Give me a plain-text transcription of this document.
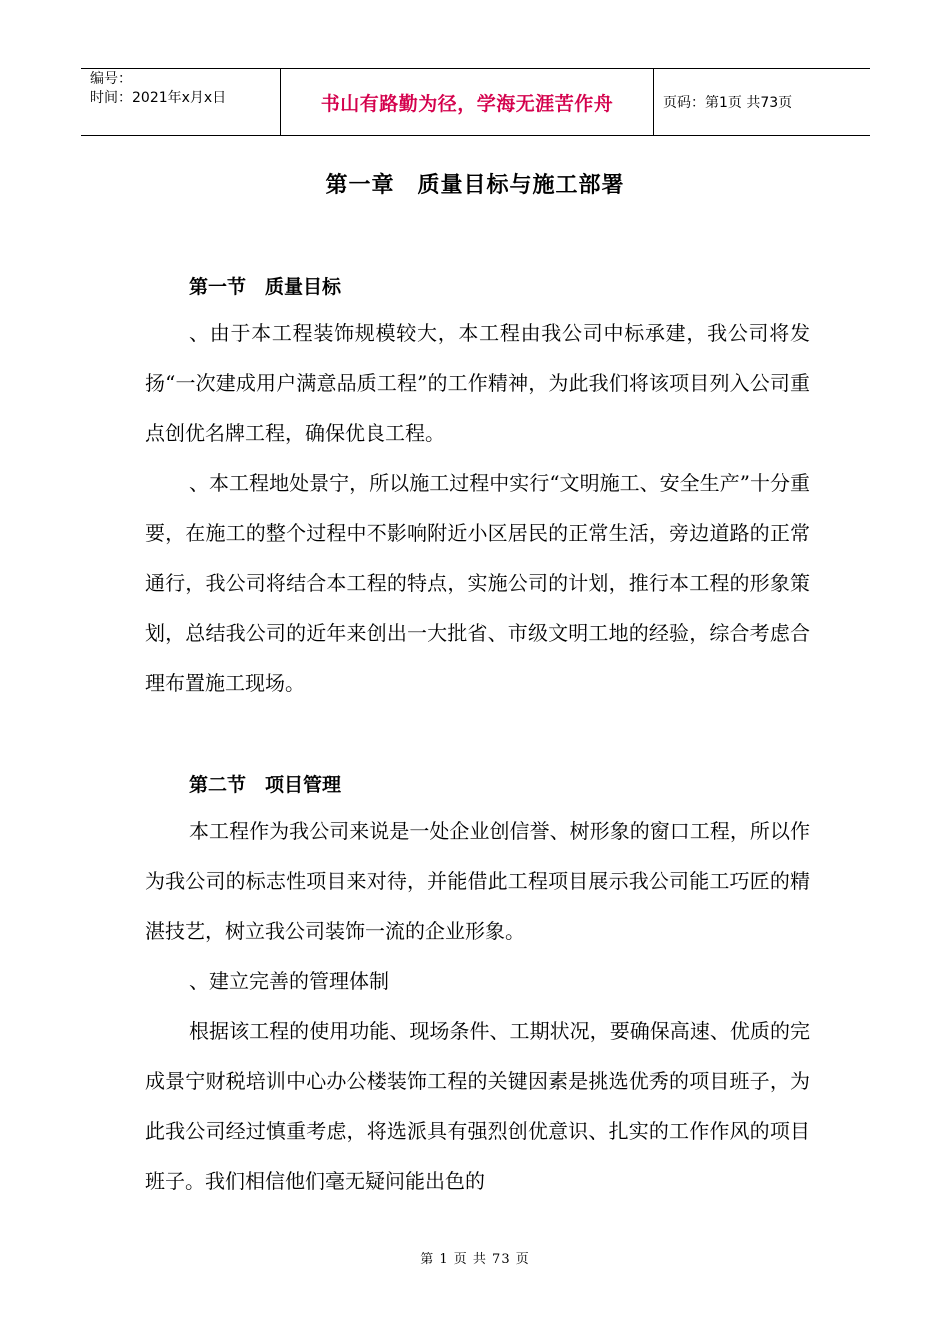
编号：
时间：2021年x月x日	书山有路勤为径，学海无涯苦作舟	页码：第1页 共73页
第一章　质量目标与施工部署
第一节　质量目标

、由于本工程装饰规模较大，本工程由我公司中标承建，我公司将发扬“一次建成用户满意品质工程”的工作精神，为此我们将该项目列入公司重点创优名牌工程，确保优良工程。

、本工程地处景宁，所以施工过程中实行“文明施工、安全生产”十分重要，在施工的整个过程中不影响附近小区居民的正常生活，旁边道路的正常通行，我公司将结合本工程的特点，实施公司的计划，推行本工程的形象策划，总结我公司的近年来创出一大批省、市级文明工地的经验，综合考虑合理布置施工现场。

第二节　项目管理

本工程作为我公司来说是一处企业创信誉、树形象的窗口工程，所以作为我公司的标志性项目来对待，并能借此工程项目展示我公司能工巧匠的精湛技艺，树立我公司装饰一流的企业形象。

、建立完善的管理体制

根据该工程的使用功能、现场条件、工期状况，要确保高速、优质的完成景宁财税培训中心办公楼装饰工程的关键因素是挑选优秀的项目班子，为此我公司经过慎重考虑，将选派具有强烈创优意识、扎实的工作作风的项目班子。我们相信他们毫无疑问能出色的

第 1 页 共 73 页
